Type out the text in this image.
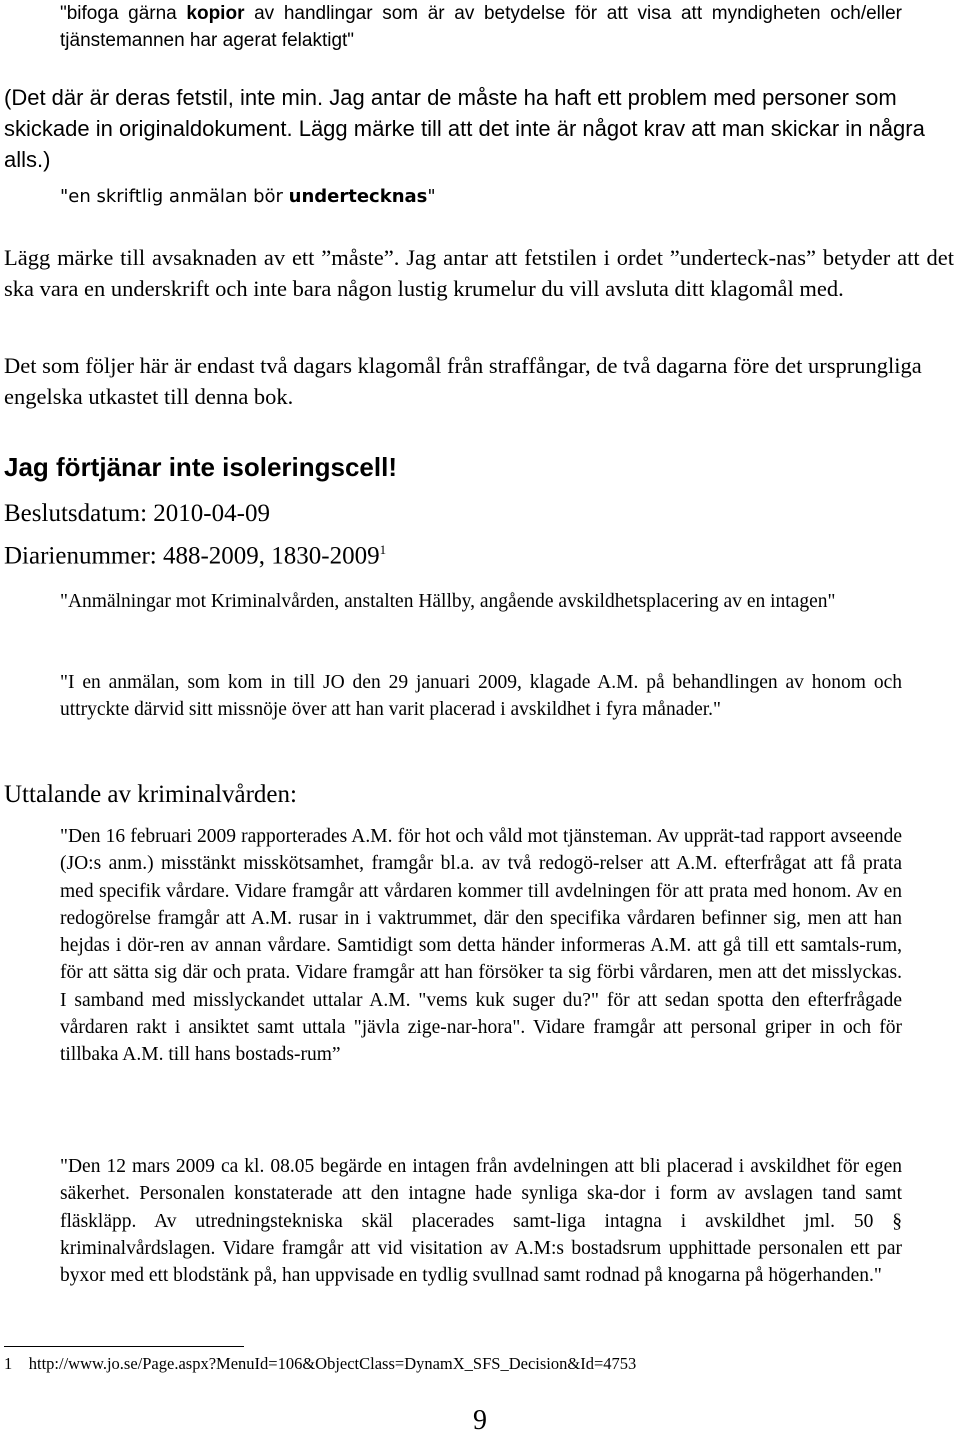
"bifoga gärna kopior av handlingar som är av betydelse för att visa att myndigheten och/eller tjänstemannen har agerat felaktigt"

(Det där är deras fetstil, inte min. Jag antar de måste ha haft ett problem med personer som skickade in originaldokument. Lägg märke till att det inte är något krav att man skickar in några alls.)

"en skriftlig anmälan bör undertecknas"

Lägg märke till avsaknaden av ett ”måste”. Jag antar att fetstilen i ordet ”underteck-nas” betyder att det ska vara en underskrift och inte bara någon lustig krumelur du vill avsluta ditt klagomål med.

Det som följer här är endast två dagars klagomål från straffångar, de två dagarna före det ursprungliga engelska utkastet till denna bok.

Jag förtjänar inte isoleringscell!

Beslutsdatum: 2010-04-09

Diarienummer: 488-2009, 1830-2009$^1$

"Anmälningar mot Kriminalvården, anstalten Hällby, angående avskildhetsplacering av en intagen"

"I en anmälan, som kom in till JO den 29 januari 2009, klagade A.M. på behandlingen av honom och uttryckte därvid sitt missnöje över att han varit placerad i avskildhet i fyra månader."

Uttalande av kriminalvården:

"Den 16 februari 2009 rapporterades A.M. för hot och våld mot tjänsteman. Av upprät-tad rapport avseende (JO:s anm.) misstänkt misskötsamhet, framgår bl.a. av två redogö-relser att A.M. efterfrågat att få prata med specifik vårdare. Vidare framgår att vårdaren kommer till avdelningen för att prata med honom. Av en redogörelse framgår att A.M. rusar in i vaktrummet, där den specifika vårdaren befinner sig, men att han hejdas i dör-ren av annan vårdare. Samtidigt som detta händer informeras A.M. att gå till ett samtals-rum, för att sätta sig där och prata. Vidare framgår att han försöker ta sig förbi vårdaren, men att det misslyckas. I samband med misslyckandet uttalar A.M. "vems kuk suger du?" för att sedan spotta den efterfrågade vårdaren rakt i ansiktet samt uttala "jävla zige-nar-hora". Vidare framgår att personal griper in och för tillbaka A.M. till hans bostads-rum”

"Den 12 mars 2009 ca kl. 08.05 begärde en intagen från avdelningen att bli placerad i avskildhet för egen säkerhet. Personalen konstaterade att den intagne hade synliga ska-dor i form av avslagen tand samt fläskläpp. Av utredningstekniska skäl placerades samt-liga intagna i avskildhet jml. 50 § kriminalvårdslagen. Vidare framgår att vid visitation av A.M:s bostadsrum upphittade personalen ett par byxor med ett blodstänk på, han uppvisade en tydlig svullnad samt rodnad på knogarna på högerhanden."

1 http://www.jo.se/Page.aspx?MenuId=106&ObjectClass=DynamX_SFS_Decision&Id=4753

9
